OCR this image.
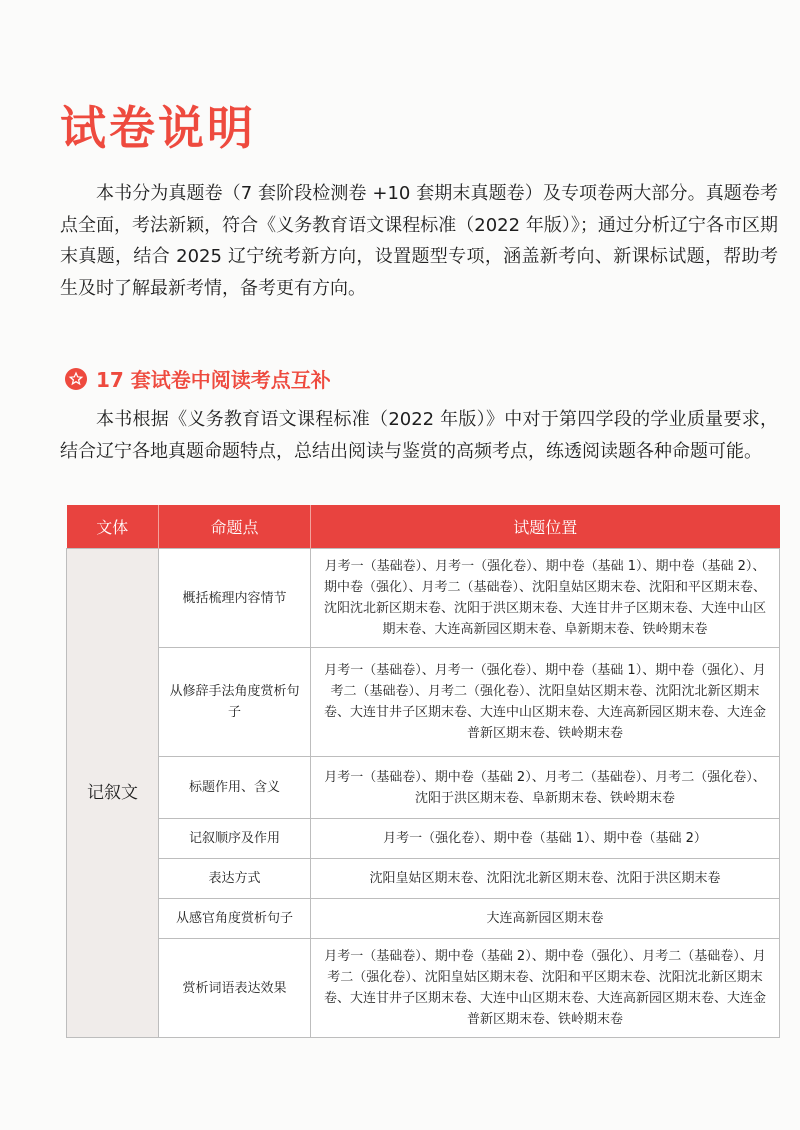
试卷说明

本书分为真题卷（7 套阶段检测卷 +10 套期末真题卷）及专项卷两大部分。真题卷考点全面，考法新颖，符合《义务教育语文课程标准（2022 年版）》；通过分析辽宁各市区期末真题，结合 2025 辽宁统考新方向，设置题型专项，涵盖新考向、新课标试题，帮助考生及时了解最新考情，备考更有方向。

17 套试卷中阅读考点互补

本书根据《义务教育语文课程标准（2022 年版）》中对于第四学段的学业质量要求，结合辽宁各地真题命题特点，总结出阅读与鉴赏的高频考点，练透阅读题各种命题可能。

文体	命题点	试题位置
记叙文	概括梳理内容情节	月考一（基础卷）、月考一（强化卷）、期中卷（基础 1）、期中卷（基础 2）、期中卷（强化）、月考二（基础卷）、沈阳皇姑区期末卷、沈阳和平区期末卷、沈阳沈北新区期末卷、沈阳于洪区期末卷、大连甘井子区期末卷、大连中山区期末卷、大连高新园区期末卷、阜新期末卷、铁岭期末卷
	从修辞手法角度赏析句子	月考一（基础卷）、月考一（强化卷）、期中卷（基础 1）、期中卷（强化）、月考二（基础卷）、月考二（强化卷）、沈阳皇姑区期末卷、沈阳沈北新区期末卷、大连甘井子区期末卷、大连中山区期末卷、大连高新园区期末卷、大连金普新区期末卷、铁岭期末卷
	标题作用、含义	月考一（基础卷）、期中卷（基础 2）、月考二（基础卷）、月考二（强化卷）、沈阳于洪区期末卷、阜新期末卷、铁岭期末卷
	记叙顺序及作用	月考一（强化卷）、期中卷（基础 1）、期中卷（基础 2）
	表达方式	沈阳皇姑区期末卷、沈阳沈北新区期末卷、沈阳于洪区期末卷
	从感官角度赏析句子	大连高新园区期末卷
	赏析词语表达效果	月考一（基础卷）、期中卷（基础 2）、期中卷（强化）、月考二（基础卷）、月考二（强化卷）、沈阳皇姑区期末卷、沈阳和平区期末卷、沈阳沈北新区期末卷、大连甘井子区期末卷、大连中山区期末卷、大连高新园区期末卷、大连金普新区期末卷、铁岭期末卷
